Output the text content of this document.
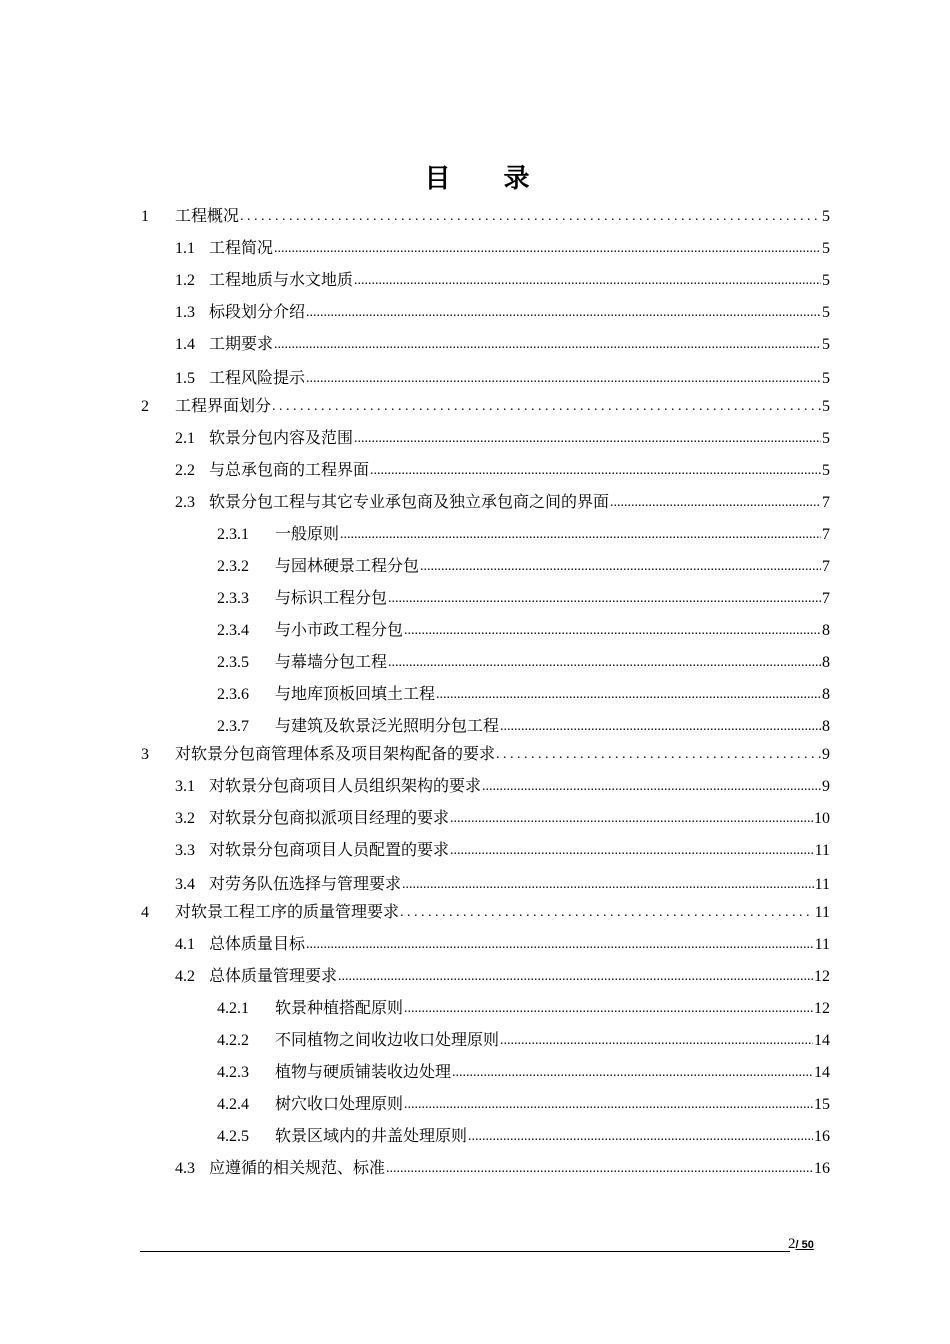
目 录
1	工程概况 . . .	5
1.1 工程简况 .....	5
1.2 工程地质与水文地质 .....	5
1.3 标段划分介绍 .....	5
1.4 工期要求 .....	5
1.5 工程风险提示 .....	5
2	工程界面划分 . . .	5
2.1 软景分包内容及范围 .....	5
2.2 与总承包商的工程界面 .....	5
2.3 软景分包工程与其它专业承包商及独立承包商之间的界面 .....	7
2.3.1	一般原则 .....	7
2.3.2	与园林硬景工程分包 .....	7
2.3.3	与标识工程分包 .....	7
2.3.4	与小市政工程分包 .....	8
2.3.5	与幕墙分包工程 .....	8
2.3.6	与地库顶板回填土工程 .....	8
2.3.7	与建筑及软景泛光照明分包工程 .....	8
3	对软景分包商管理体系及项目架构配备的要求 . . .	9
3.1 对软景分包商项目人员组织架构的要求 .....	9
3.2 对软景分包商拟派项目经理的要求 .....	10
3.3 对软景分包商项目人员配置的要求 .....	11
3.4 对劳务队伍选择与管理要求 .....	11
4	对软景工程工序的质量管理要求 . . .	11
4.1 总体质量目标 .....	11
4.2 总体质量管理要求 .....	12
4.2.1	软景种植搭配原则 .....	12
4.2.2	不同植物之间收边收口处理原则 .....	14
4.2.3	植物与硬质铺装收边处理 .....	14
4.2.4	树穴收口处理原则 .....	15
4.2.5	软景区域内的井盖处理原则 .....	16
4.3 应遵循的相关规范、标准 .....	16
2/ 50
